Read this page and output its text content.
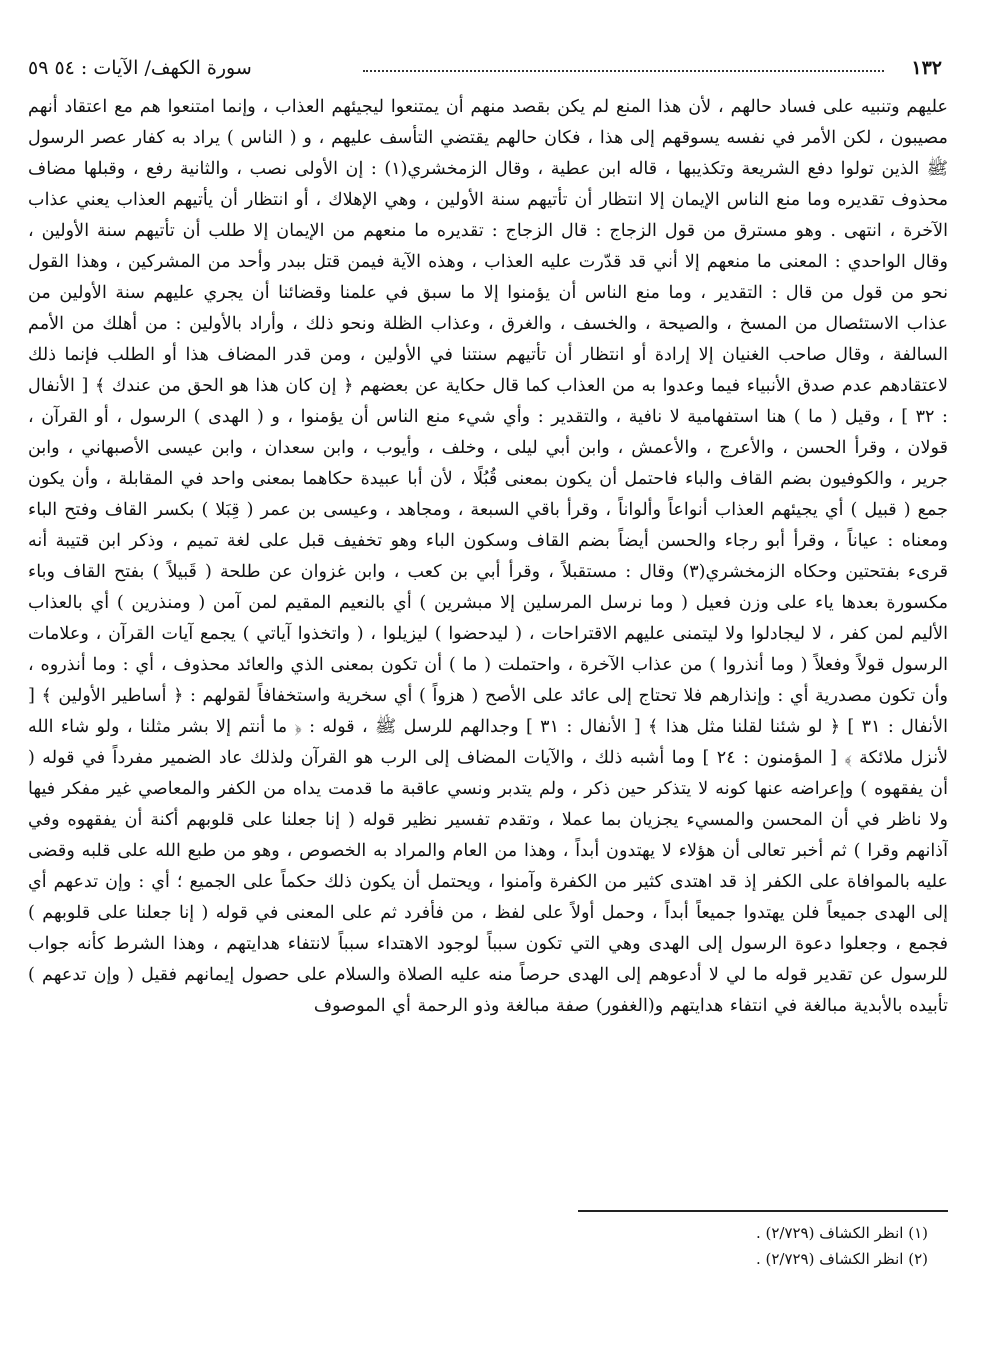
١٣٢
سورة الكهف/ الآيات : ٥٤ ٥٩
عليهم وتنبيه على فساد حالهم ، لأن هذا المنع لم يكن بقصد منهم أن يمتنعوا ليجيئهم العذاب ، وإنما امتنعوا هم مع اعتقاد أنهم مصيبون ، لكن الأمر في نفسه يسوقهم إلى هذا ، فكان حالهم يقتضي التأسف عليهم ، و ( الناس ) يراد به كفار عصر الرسول ﷺ الذين تولوا دفع الشريعة وتكذيبها ، قاله ابن عطية ، وقال الزمخشري(١) : إن الأولى نصب ، والثانية رفع ، وقبلها مضاف محذوف تقديره وما منع الناس الإيمان إلا انتظار أن تأتيهم سنة الأولين ، وهي الإهلاك ، أو انتظار أن يأتيهم العذاب يعني عذاب الآخرة ، انتهى . وهو مسترق من قول الزجاج : قال الزجاج : تقديره ما منعهم من الإيمان إلا طلب أن تأتيهم سنة الأولين ، وقال الواحدي : المعنى ما منعهم إلا أني قد قدّرت عليه العذاب ، وهذه الآية فيمن قتل ببدر وأحد من المشركين ، وهذا القول نحو من قول من قال : التقدير ، وما منع الناس أن يؤمنوا إلا ما سبق في علمنا وقضائنا أن يجري عليهم سنة الأولين من عذاب الاستئصال من المسخ ، والصيحة ، والخسف ، والغرق ، وعذاب الظلة ونحو ذلك ، وأراد بالأولين : من أهلك من الأمم السالفة ، وقال صاحب الغنيان إلا إرادة أو انتظار أن تأتيهم سنتنا في الأولين ، ومن قدر المضاف هذا أو الطلب فإنما ذلك لاعتقادهم عدم صدق الأنبياء فيما وعدوا به من العذاب كما قال حكاية عن بعضهم ﴿ إن كان هذا هو الحق من عندك ﴾ [ الأنفال : ٣٢ ] ، وقيل ( ما ) هنا استفهامية لا نافية ، والتقدير : وأي شيء منع الناس أن يؤمنوا ، و ( الهدى ) الرسول ، أو القرآن ، قولان ، وقرأ الحسن ، والأعرج ، والأعمش ، وابن أبي ليلى ، وخلف ، وأيوب ، وابن سعدان ، وابن عيسى الأصبهاني ، وابن جرير ، والكوفيون بضم القاف والباء فاحتمل أن يكون بمعنى قُبُلًا ، لأن أبا عبيدة حكاهما بمعنى واحد في المقابلة ، وأن يكون جمع ( قبيل ) أي يجيئهم العذاب أنواعاً وألواناً ، وقرأ باقي السبعة ، ومجاهد ، وعيسى بن عمر ( قِبَلا ) بكسر القاف وفتح الباء ومعناه : عياناً ، وقرأ أبو رجاء والحسن أيضاً بضم القاف وسكون الباء وهو تخفيف قبل على لغة تميم ، وذكر ابن قتيبة أنه قرىء بفتحتين وحكاه الزمخشري(٣) وقال : مستقبلاً ، وقرأ أبي بن كعب ، وابن غزوان عن طلحة ( قَبيلاً ) بفتح القاف وباء مكسورة بعدها ياء على وزن فعيل ( وما نرسل المرسلين إلا مبشرين ) أي بالنعيم المقيم لمن آمن ( ومنذرين ) أي بالعذاب الأليم لمن كفر ، لا ليجادلوا ولا ليتمنى عليهم الاقتراحات ، ( ليدحضوا ) ليزيلوا ، ( واتخذوا آياتي ) يجمع آيات القرآن ، وعلامات الرسول قولاً وفعلاً ( وما أنذروا ) من عذاب الآخرة ، واحتملت ( ما ) أن تكون بمعنى الذي والعائد محذوف ، أي : وما أنذروه ، وأن تكون مصدرية أي : وإنذارهم فلا تحتاج إلى عائد على الأصح ( هزواً ) أي سخرية واستخفافاً لقولهم : ﴿ أساطير الأولين ﴾ [ الأنفال : ٣١ ] ﴿ لو شئنا لقلنا مثل هذا ﴾ [ الأنفال : ٣١ ] وجدالهم للرسل ﷺ ، قوله : ﴿ ما أنتم إلا بشر مثلنا ، ولو شاء الله لأنزل ملائكة ﴾ [ المؤمنون : ٢٤ ] وما أشبه ذلك ، والآيات المضاف إلى الرب هو القرآن ولذلك عاد الضمير مفرداً في قوله ( أن يفقهوه ) وإعراضه عنها كونه لا يتذكر حين ذكر ، ولم يتدبر ونسي عاقبة ما قدمت يداه من الكفر والمعاصي غير مفكر فيها ولا ناظر في أن المحسن والمسيء يجزيان بما عملا ، وتقدم تفسير نظير قوله ( إنا جعلنا على قلوبهم أكنة أن يفقهوه وفي آذانهم وقرا ) ثم أخبر تعالى أن هؤلاء لا يهتدون أبداً ، وهذا من العام والمراد به الخصوص ، وهو من طبع الله على قلبه وقضى عليه بالموافاة على الكفر إذ قد اهتدى كثير من الكفرة وآمنوا ، ويحتمل أن يكون ذلك حكماً على الجميع ؛ أي : وإن تدعهم أي إلى الهدى جميعاً فلن يهتدوا جميعاً أبداً ، وحمل أولاً على لفظ ، من فأفرد ثم على المعنى في قوله ( إنا جعلنا على قلوبهم ) فجمع ، وجعلوا دعوة الرسول إلى الهدى وهي التي تكون سبباً لوجود الاهتداء سبباً لانتفاء هدايتهم ، وهذا الشرط كأنه جواب للرسول عن تقدير قوله ما لي لا أدعوهم إلى الهدى حرصاً منه عليه الصلاة والسلام على حصول إيمانهم فقيل ( وإن تدعهم ) تأبيده بالأبدية مبالغة في انتفاء هدايتهم و(الغفور) صفة مبالغة وذو الرحمة أي الموصوف
(١) انظر الكشاف (٢/٧٢٩) .
(٢) انظر الكشاف (٢/٧٢٩) .
